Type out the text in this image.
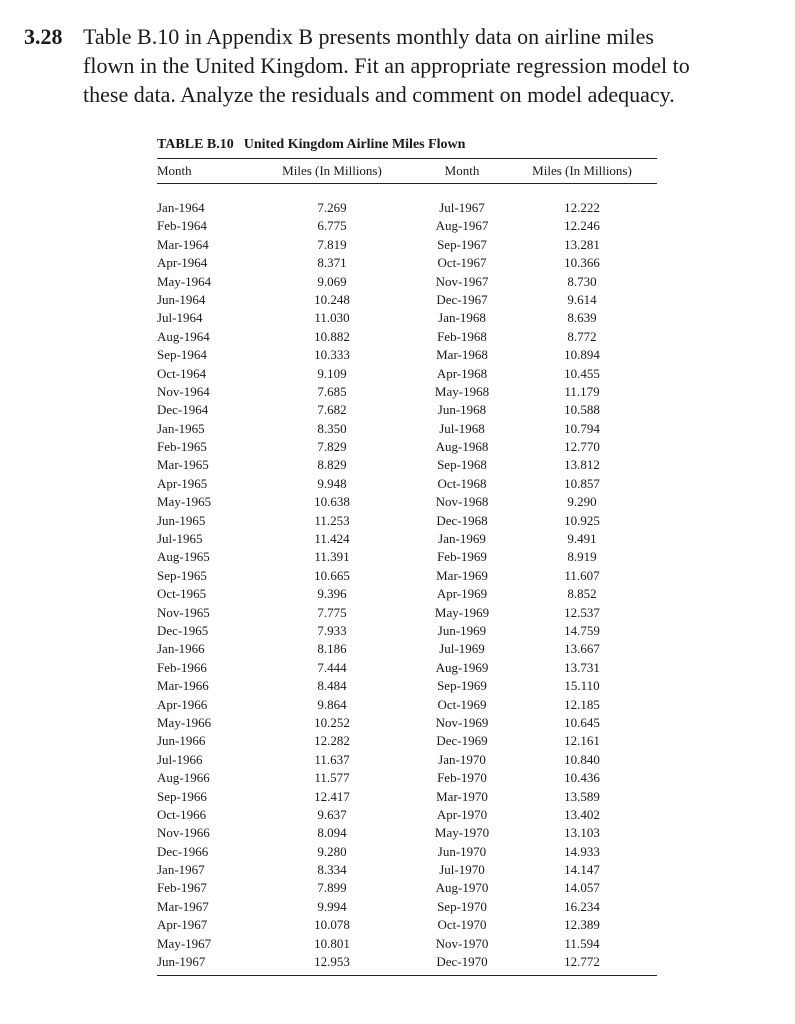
3.28 Table B.10 in Appendix B presents monthly data on airline miles flown in the United Kingdom. Fit an appropriate regression model to these data. Analyze the residuals and comment on model adequacy.
TABLE B.10 United Kingdom Airline Miles Flown
Month	Miles (In Millions)	Month	Miles (In Millions)
Jan-1964	7.269	Jul-1967	12.222
Feb-1964	6.775	Aug-1967	12.246
Mar-1964	7.819	Sep-1967	13.281
Apr-1964	8.371	Oct-1967	10.366
May-1964	9.069	Nov-1967	8.730
Jun-1964	10.248	Dec-1967	9.614
Jul-1964	11.030	Jan-1968	8.639
Aug-1964	10.882	Feb-1968	8.772
Sep-1964	10.333	Mar-1968	10.894
Oct-1964	9.109	Apr-1968	10.455
Nov-1964	7.685	May-1968	11.179
Dec-1964	7.682	Jun-1968	10.588
Jan-1965	8.350	Jul-1968	10.794
Feb-1965	7.829	Aug-1968	12.770
Mar-1965	8.829	Sep-1968	13.812
Apr-1965	9.948	Oct-1968	10.857
May-1965	10.638	Nov-1968	9.290
Jun-1965	11.253	Dec-1968	10.925
Jul-1965	11.424	Jan-1969	9.491
Aug-1965	11.391	Feb-1969	8.919
Sep-1965	10.665	Mar-1969	11.607
Oct-1965	9.396	Apr-1969	8.852
Nov-1965	7.775	May-1969	12.537
Dec-1965	7.933	Jun-1969	14.759
Jan-1966	8.186	Jul-1969	13.667
Feb-1966	7.444	Aug-1969	13.731
Mar-1966	8.484	Sep-1969	15.110
Apr-1966	9.864	Oct-1969	12.185
May-1966	10.252	Nov-1969	10.645
Jun-1966	12.282	Dec-1969	12.161
Jul-1966	11.637	Jan-1970	10.840
Aug-1966	11.577	Feb-1970	10.436
Sep-1966	12.417	Mar-1970	13.589
Oct-1966	9.637	Apr-1970	13.402
Nov-1966	8.094	May-1970	13.103
Dec-1966	9.280	Jun-1970	14.933
Jan-1967	8.334	Jul-1970	14.147
Feb-1967	7.899	Aug-1970	14.057
Mar-1967	9.994	Sep-1970	16.234
Apr-1967	10.078	Oct-1970	12.389
May-1967	10.801	Nov-1970	11.594
Jun-1967	12.953	Dec-1970	12.772
